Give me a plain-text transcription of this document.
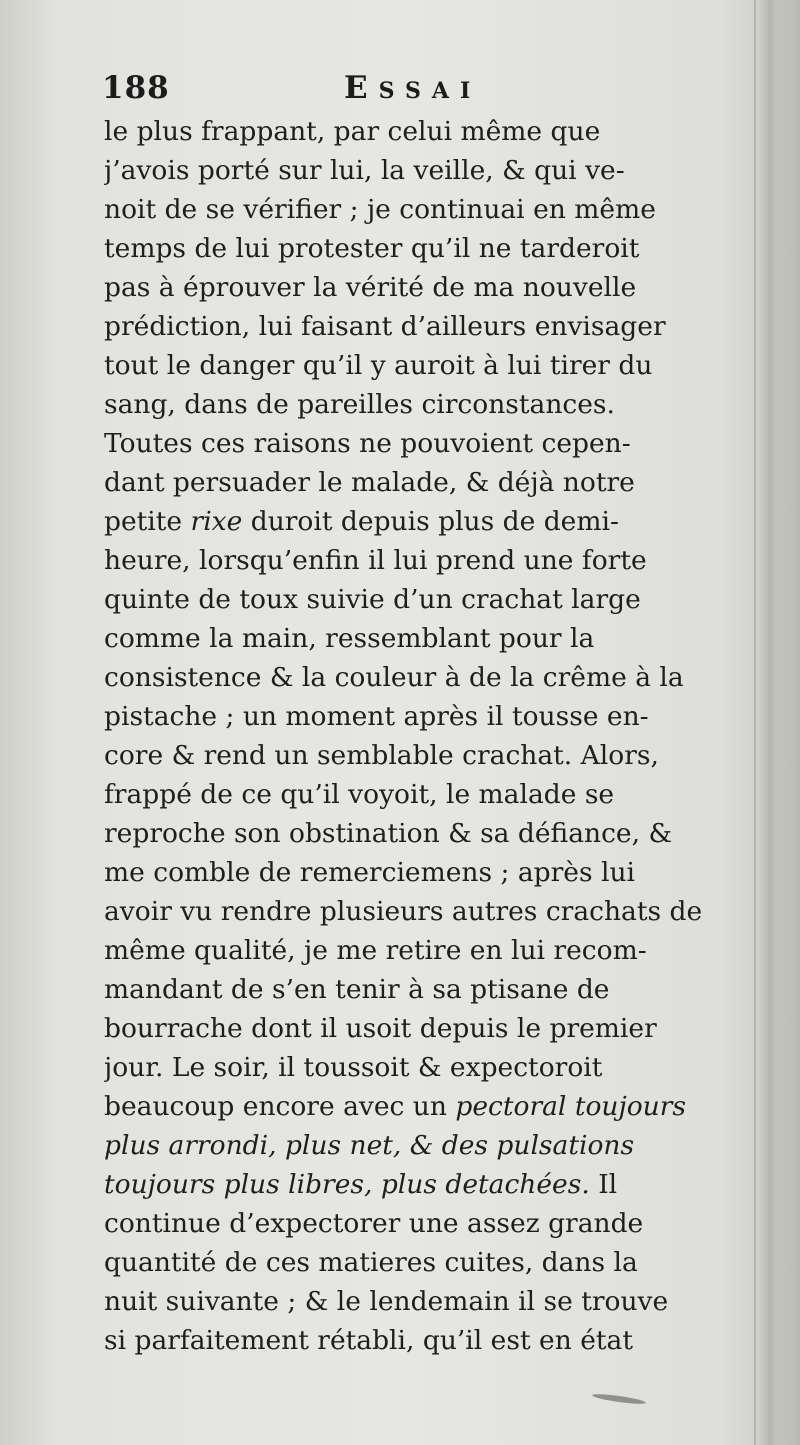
188	Essai
le plus frappant, par celui même que
j’avois porté sur lui, la veille, & qui ve-
noit de se vérifier ; je continuai en même
temps de lui protester qu’il ne tarderoit
pas à éprouver la vérité de ma nouvelle
prédiction, lui faisant d’ailleurs envisager
tout le danger qu’il y auroit à lui tirer du
sang, dans de pareilles circonstances.
Toutes ces raisons ne pouvoient cepen-
dant persuader le malade, & déjà notre
petite rixe duroit depuis plus de demi-
heure, lorsqu’enfin il lui prend une forte
quinte de toux suivie d’un crachat large
comme la main, ressemblant pour la
consistence & la couleur à de la crême à la
pistache ; un moment après il tousse en-
core & rend un semblable crachat. Alors,
frappé de ce qu’il voyoit, le malade se
reproche son obstination & sa défiance, &
me comble de remerciemens ; après lui
avoir vu rendre plusieurs autres crachats de
même qualité, je me retire en lui recom-
mandant de s’en tenir à sa ptisane de
bourrache dont il usoit depuis le premier
jour. Le soir, il toussoit & expectoroit
beaucoup encore avec un pectoral toujours
plus arrondi, plus net, & des pulsations
toujours plus libres, plus detachées. Il
continue d’expectorer une assez grande
quantité de ces matieres cuites, dans la
nuit suivante ; & le lendemain il se trouve
si parfaitement rétabli, qu’il est en état
